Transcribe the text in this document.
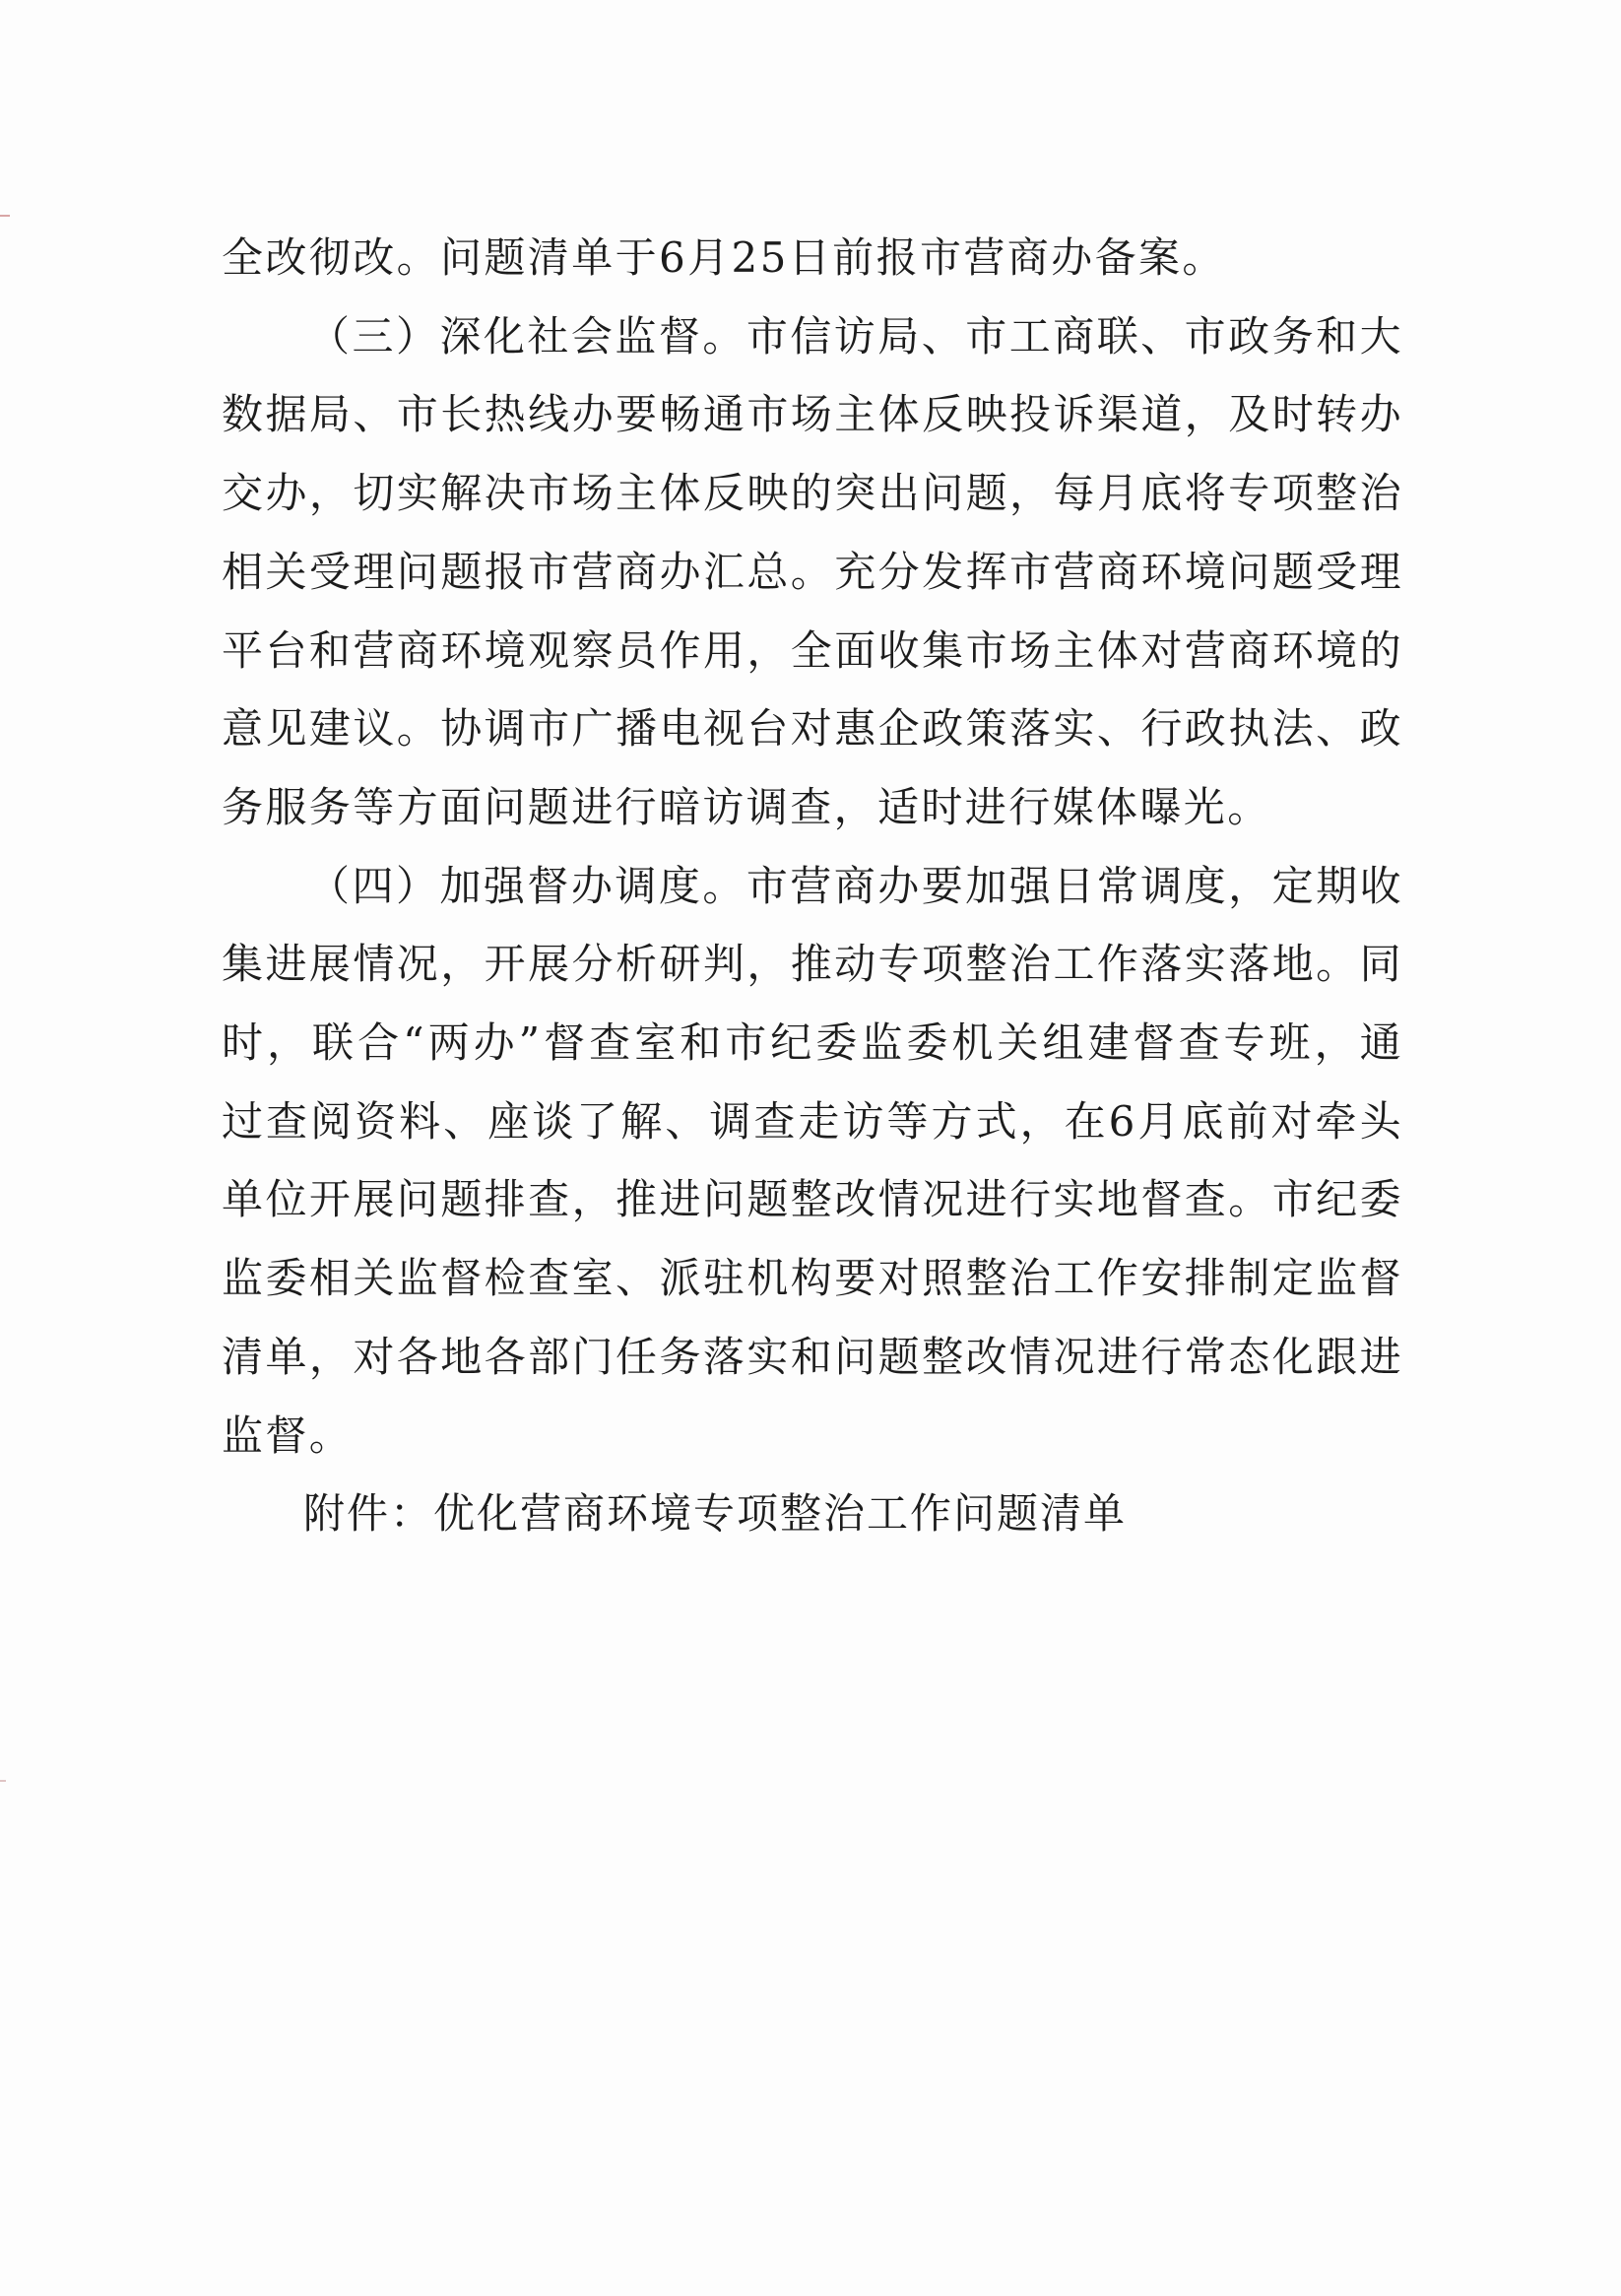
全改彻改。问题清单于6月25日前报市营商办备案。

（三）深化社会监督。市信访局、市工商联、市政务和大数据局、市长热线办要畅通市场主体反映投诉渠道，及时转办交办，切实解决市场主体反映的突出问题，每月底将专项整治相关受理问题报市营商办汇总。充分发挥市营商环境问题受理平台和营商环境观察员作用，全面收集市场主体对营商环境的意见建议。协调市广播电视台对惠企政策落实、行政执法、政务服务等方面问题进行暗访调查，适时进行媒体曝光。

（四）加强督办调度。市营商办要加强日常调度，定期收集进展情况，开展分析研判，推动专项整治工作落实落地。同时，联合“两办”督查室和市纪委监委机关组建督查专班，通过查阅资料、座谈了解、调查走访等方式，在6月底前对牵头单位开展问题排查，推进问题整改情况进行实地督查。市纪委监委相关监督检查室、派驻机构要对照整治工作安排制定监督清单，对各地各部门任务落实和问题整改情况进行常态化跟进监督。

附件：优化营商环境专项整治工作问题清单
